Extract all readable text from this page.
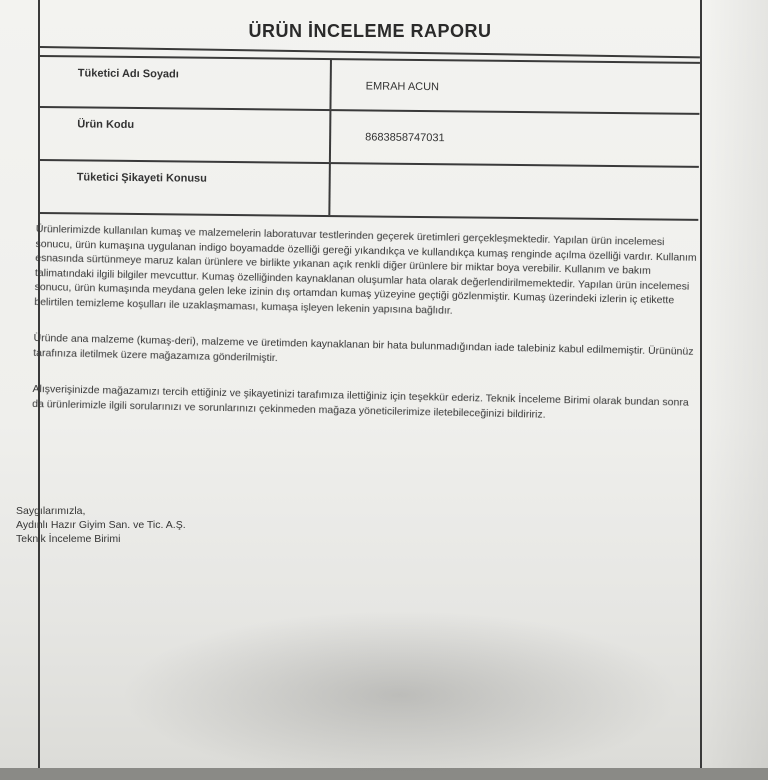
ÜRÜN İNCELEME RAPORU
Tüketici Adı Soyadı
EMRAH ACUN
Ürün Kodu
8683858747031
Tüketici Şikayeti Konusu

Ürünlerimizde kullanılan kumaş ve malzemelerin laboratuvar testlerinden geçerek üretimleri gerçekleşmektedir. Yapılan ürün incelemesi sonucu, ürün kumaşına uygulanan indigo boyamadde özelliği gereği yıkandıkça ve kullandıkça kumaş renginde açılma özelliği vardır. Kullanım esnasında sürtünmeye maruz kalan ürünlere ve birlikte yıkanan açık renkli diğer ürünlere bir miktar boya verebilir. Kullanım ve bakım talimatındaki ilgili bilgiler mevcuttur. Kumaş özelliğinden kaynaklanan oluşumlar hata olarak değerlendirilmemektedir. Yapılan ürün incelemesi sonucu, ürün kumaşında meydana gelen leke izinin dış ortamdan kumaş yüzeyine geçtiği gözlenmiştir. Kumaş üzerindeki izlerin iç etikette belirtilen temizleme koşulları ile uzaklaşmaması, kumaşa işleyen lekenin yapısına bağlıdır.

Üründe ana malzeme (kumaş-deri), malzeme ve üretimden kaynaklanan bir hata bulunmadığından iade talebiniz kabul edilmemiştir. Ürününüz tarafınıza iletilmek üzere mağazamıza gönderilmiştir.

Alışverişinizde mağazamızı tercih ettiğiniz ve şikayetinizi tarafımıza ilettiğiniz için teşekkür ederiz. Teknik İnceleme Birimi olarak bundan sonra da ürünlerimizle ilgili sorularınızı ve sorunlarınızı çekinmeden mağaza yöneticilerimize iletebileceğinizi bildiririz.

Saygılarımızla,
Aydınlı Hazır Giyim San. ve Tic. A.Ş.
Teknik İnceleme Birimi
